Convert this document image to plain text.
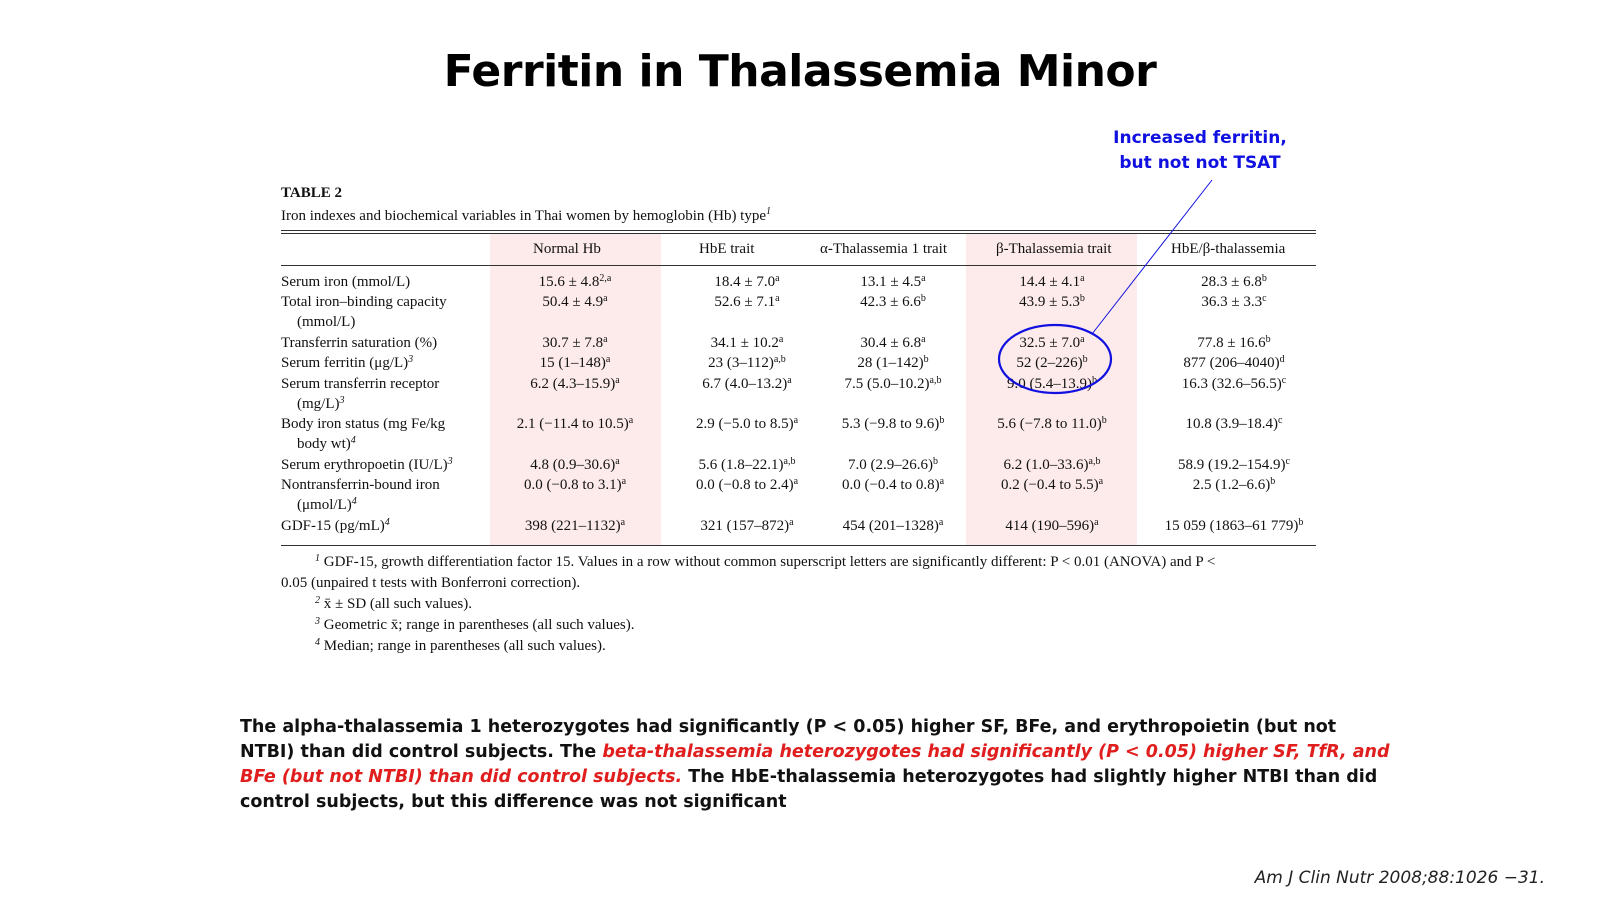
Ferritin in Thalassemia Minor
Increased ferritin,
but not not TSAT
TABLE 2
Iron indexes and biochemical variables in Thai women by hemoglobin (Hb) type$^1$
Normal Hb	HbE trait	α-Thalassemia 1 trait	β-Thalassemia trait	HbE/β-thalassemia
Serum iron (mmol/L)	$15.6 \pm 4.8^{2,a}$	18.4 ± 7.0$^a$	13.1 ± 4.5$^a$	14.4 ± 4.1$^a$	28.3 ± 6.8$^b$
Total iron–binding capacity
(mmol/L)
50.4 ± 4.9$^a$	52.6 ± 7.1$^a$	42.3 ± 6.6$^b$	43.9 ± 5.3$^b$	36.3 ± 3.3$^c$
Transferrin saturation (%)	30.7 ± 7.8$^a$	34.1 ± 10.2$^a$	30.4 ± 6.8$^a$	32.5 ± 7.0$^a$	77.8 ± 16.6$^b$
Serum ferritin $(\mu g/L)^3$	15 $(1-148)^a$	23 $(3-112)^{a,b}$	28 $(1-142)^b$	52 $(2-226)^b$	877 $(206-4040)^d$
Serum transferrin receptor
$(mg/L)^3$
6.2 $(4.3-15.9)^a$	6.7 $(4.0-13.2)^a$	7.5 $(5.0-10.2)^{a,b}$	9.0 $(5.4-13.9)^b$	16.3 $(32.6-56.5)^c$
Body iron status (mg Fe/kg
body wt)$^4$
2.1 (−11.4 to 10.5)$^a$	2.9 (−5.0 to 8.5)$^a$	5.3 (−9.8 to 9.6)$^b$	5.6 (−7.8 to 11.0)$^b$	10.8 $(3.9-18.4)^c$
Serum erythropoetin $(IU/L)^3$	4.8 $(0.9-30.6)^a$	5.6 $(1.8-22.1)^{a,b}$	7.0 $(2.9-26.6)^b$	6.2 $(1.0-33.6)^{a,b}$	58.9 $(19.2-154.9)^c$
Nontransferrin-bound iron
$(\mu mol/L)^4$
0.0 (−0.8 to 3.1)$^a$	0.0 (−0.8 to 2.4)$^a$	0.0 (−0.4 to 0.8)$^a$	0.2 (−0.4 to 5.5)$^a$	2.5 $(1.2-6.6)^b$
GDF-15 $(pg/mL)^4$	398 $(221-1132)^a$	321 $(157-872)^a$	454 $(201-1328)^a$	414 $(190-596)^a$	15 059 (1863–61 779)$^b$
$^1$ GDF-15, growth differentiation factor 15. Values in a row without common superscript letters are significantly different: P < 0.01 (ANOVA) and P <
0.05 (unpaired t tests with Bonferroni correction).
$^2$ x̄ ± SD (all such values).
$^3$ Geometric x̄; range in parentheses (all such values).
$^4$ Median; range in parentheses (all such values).
The alpha-thalassemia 1 heterozygotes had significantly (P < 0.05) higher SF, BFe, and erythropoietin (but not NTBI) than did control subjects. The beta-thalassemia heterozygotes had significantly (P < 0.05) higher SF, TfR, and BFe (but not NTBI) than did control subjects. The HbE-thalassemia heterozygotes had slightly higher NTBI than did control subjects, but this difference was not significant
Am J Clin Nutr 2008;88:1026 −31.
